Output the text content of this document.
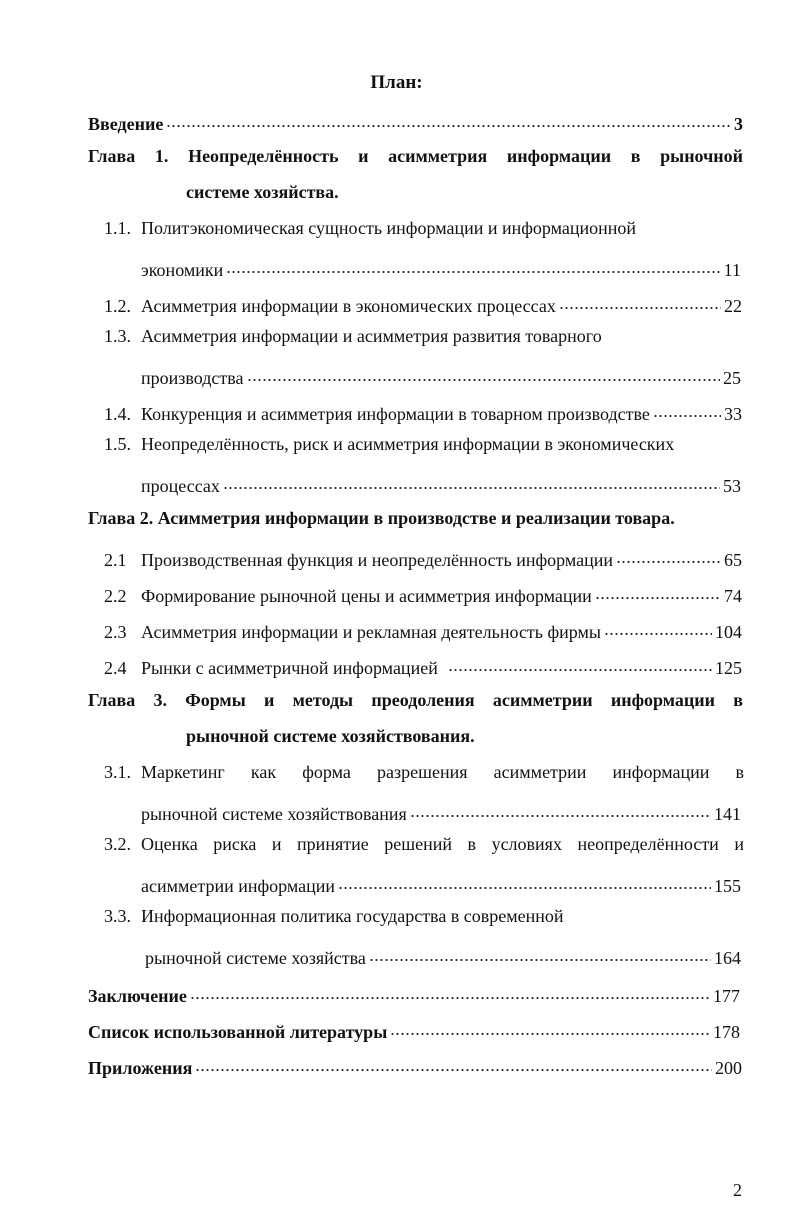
План:
Введение	3
Глава 1. Неопределённость и асимметрия информации в рыночной
системе хозяйства.
1.1. Политэкономическая сущность информации и информационной
экономики	11
1.2. Асимметрия информации в экономических процессах	22
1.3. Асимметрия информации и асимметрия развития товарного
производства	25
1.4. Конкуренция и асимметрия информации в товарном производстве	33
1.5. Неопределённость, риск и асимметрия информации в экономических
процессах	53
Глава 2. Асимметрия информации в производстве и реализации товара.
2.1 Производственная функция и неопределённость информации	65
2.2 Формирование рыночной цены и асимметрия информации	74
2.3 Асимметрия информации и рекламная деятельность фирмы	104
2.4 Рынки с асимметричной информацией	125
Глава 3. Формы и методы преодоления асимметрии информации в
рыночной системе хозяйствования.
3.1. Маркетинг как форма разрешения асимметрии информации в
рыночной системе хозяйствования	141
3.2. Оценка риска и принятие решений в условиях неопределённости и
асимметрии информации	155
3.3. Информационная политика государства в современной
рыночной системе хозяйства	164
Заключение	177
Список использованной литературы	178
Приложения	200
2
